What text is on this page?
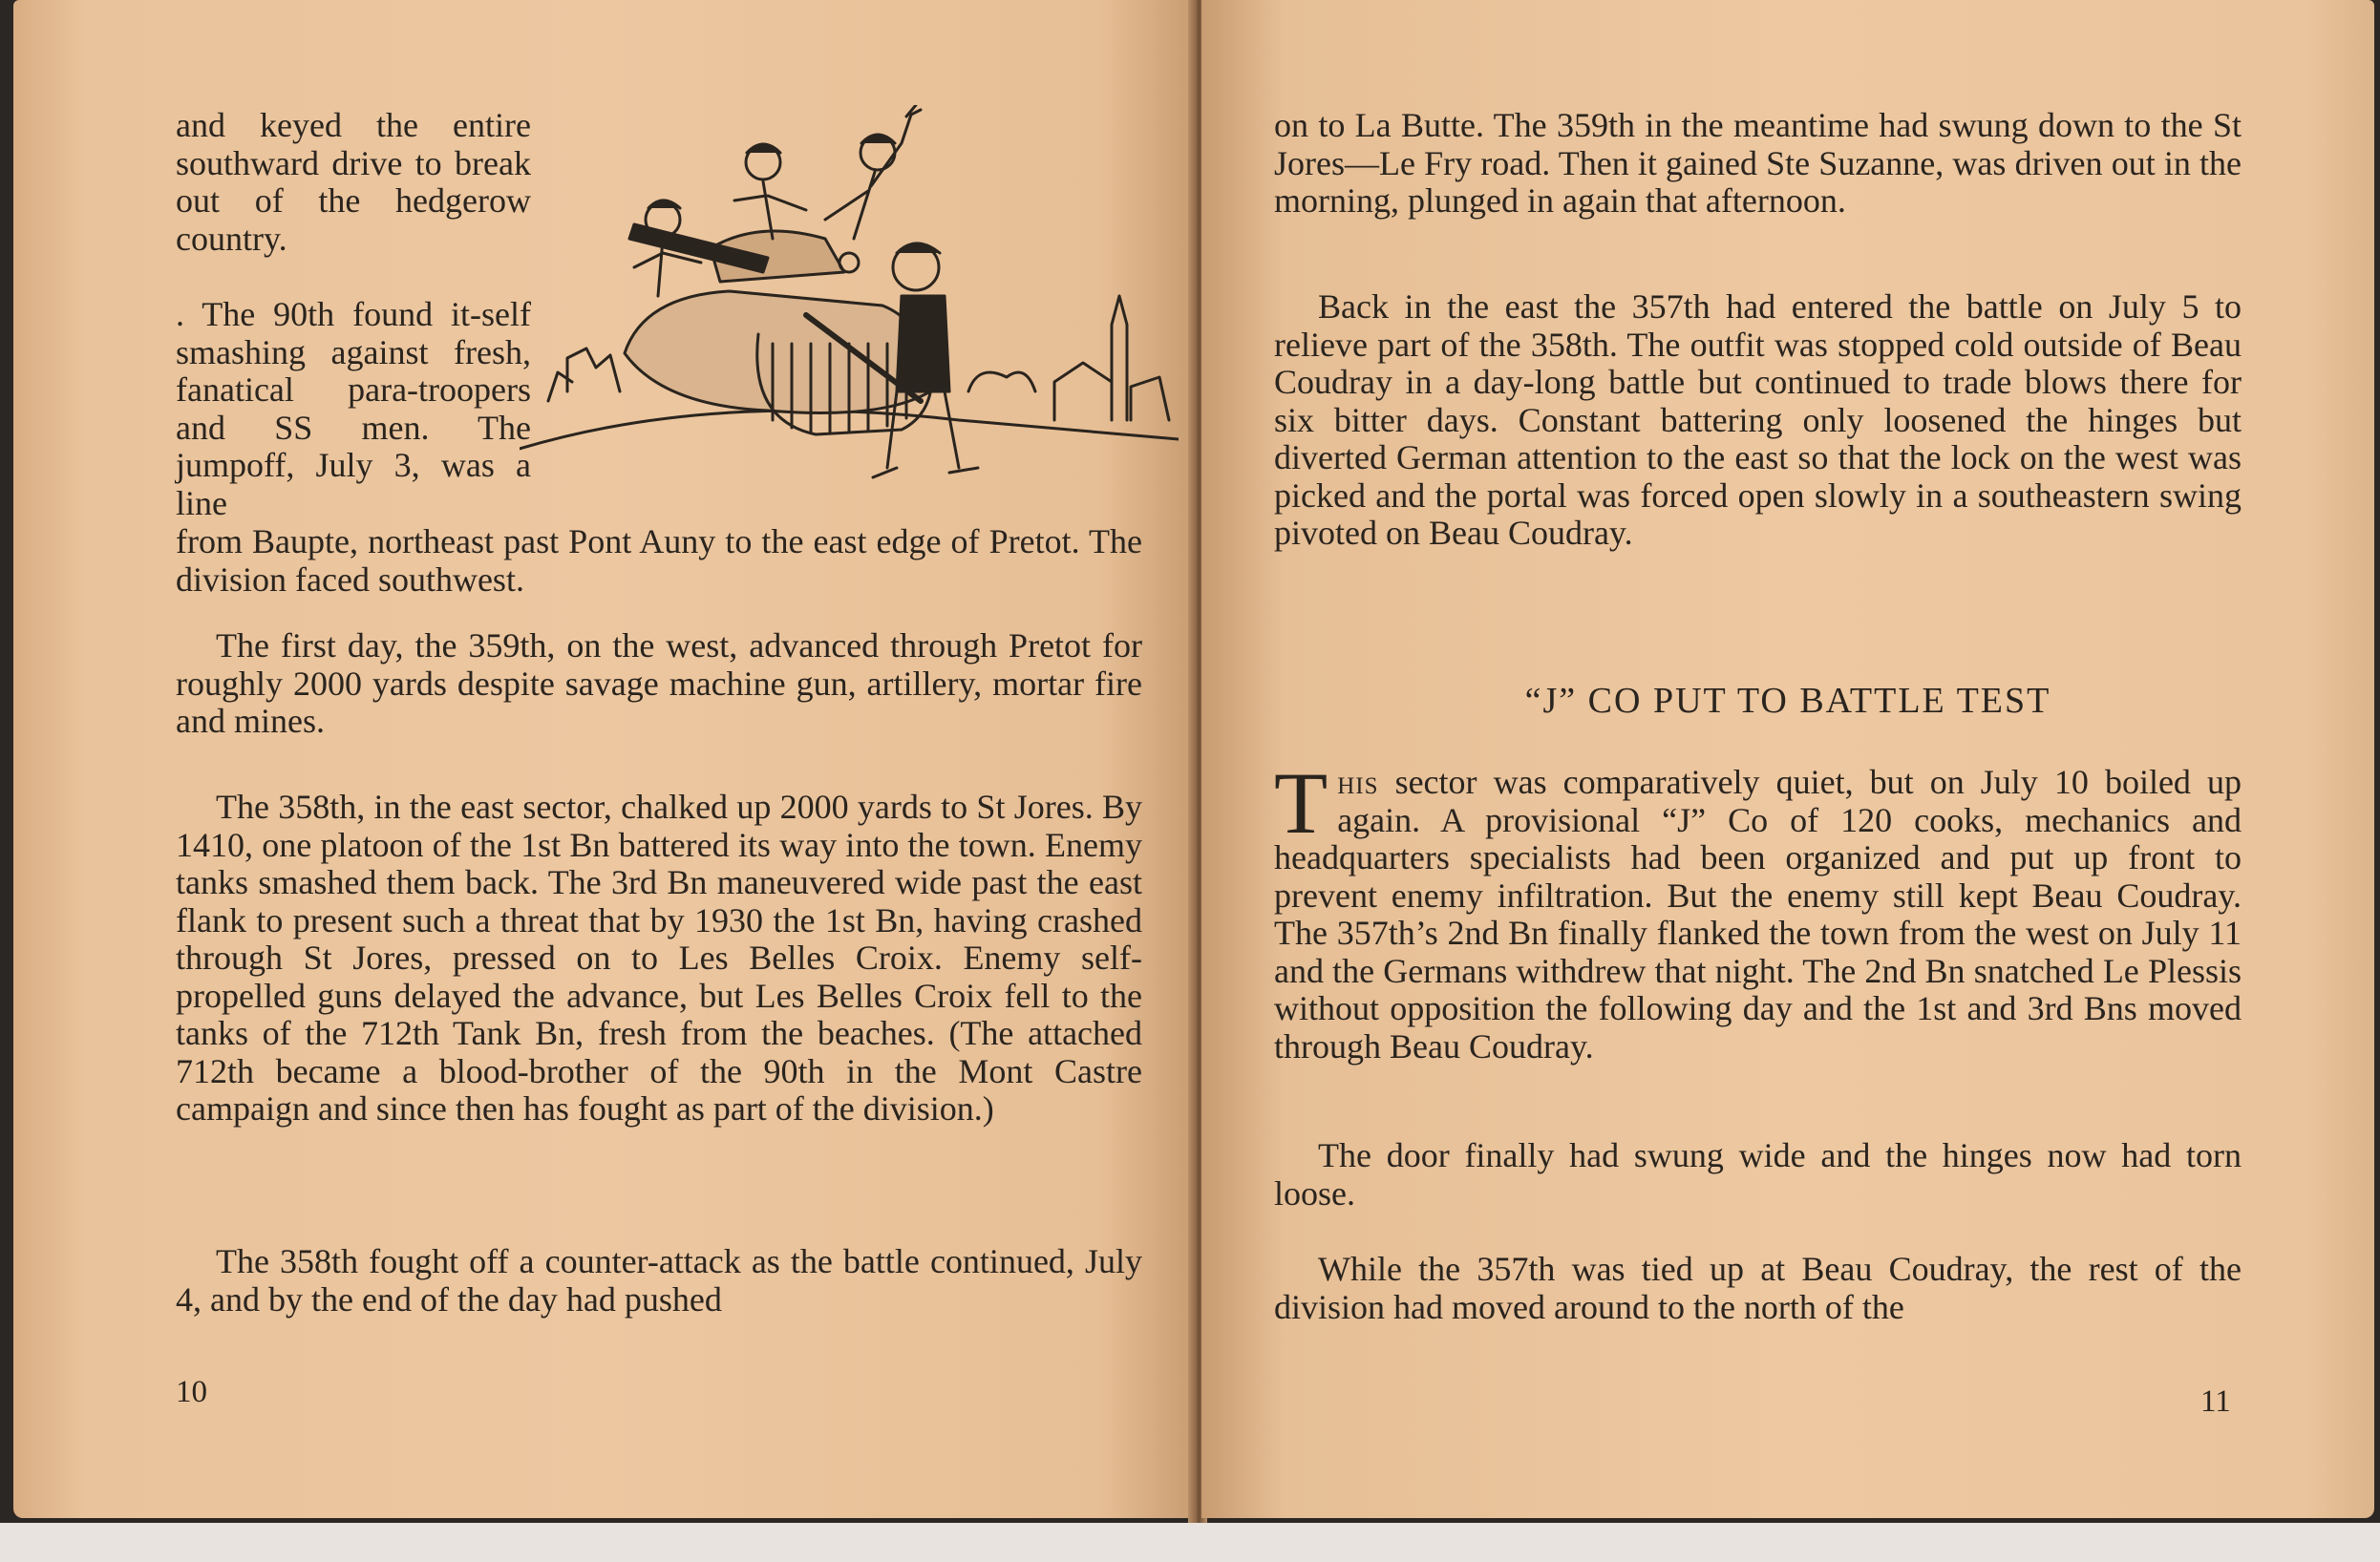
and keyed the entire southward drive to break out of the hedgerow country.

. The 90th found it-self smashing against fresh, fanatical para-troopers and SS men. The jumpoff, July 3, was a line

from Baupte, northeast past Pont Auny to the east edge of Pretot. The division faced southwest.

The first day, the 359th, on the west, advanced through Pretot for roughly 2000 yards despite savage machine gun, artillery, mortar fire and mines.

The 358th, in the east sector, chalked up 2000 yards to St Jores. By 1410, one platoon of the 1st Bn battered its way into the town. Enemy tanks smashed them back. The 3rd Bn maneuvered wide past the east flank to present such a threat that by 1930 the 1st Bn, having crashed through St Jores, pressed on to Les Belles Croix. Enemy self-propelled guns delayed the advance, but Les Belles Croix fell to the tanks of the 712th Tank Bn, fresh from the beaches. (The attached 712th became a blood-brother of the 90th in the Mont Castre campaign and since then has fought as part of the division.)

The 358th fought off a counter-attack as the battle continued, July 4, and by the end of the day had pushed

10

on to La Butte. The 359th in the meantime had swung down to the St Jores—Le Fry road. Then it gained Ste Suzanne, was driven out in the morning, plunged in again that afternoon.

Back in the east the 357th had entered the battle on July 5 to relieve part of the 358th. The outfit was stopped cold outside of Beau Coudray in a day-long battle but continued to trade blows there for six bitter days. Constant battering only loosened the hinges but diverted German attention to the east so that the lock on the west was picked and the portal was forced open slowly in a southeastern swing pivoted on Beau Coudray.

“J” CO PUT TO BATTLE TEST

This sector was comparatively quiet, but on July 10 boiled up again. A provisional “J” Co of 120 cooks, mechanics and headquarters specialists had been organized and put up front to prevent enemy infiltration. But the enemy still kept Beau Coudray. The 357th’s 2nd Bn finally flanked the town from the west on July 11 and the Germans withdrew that night. The 2nd Bn snatched Le Plessis without opposition the following day and the 1st and 3rd Bns moved through Beau Coudray.

The door finally had swung wide and the hinges now had torn loose.

While the 357th was tied up at Beau Coudray, the rest of the division had moved around to the north of the

11
